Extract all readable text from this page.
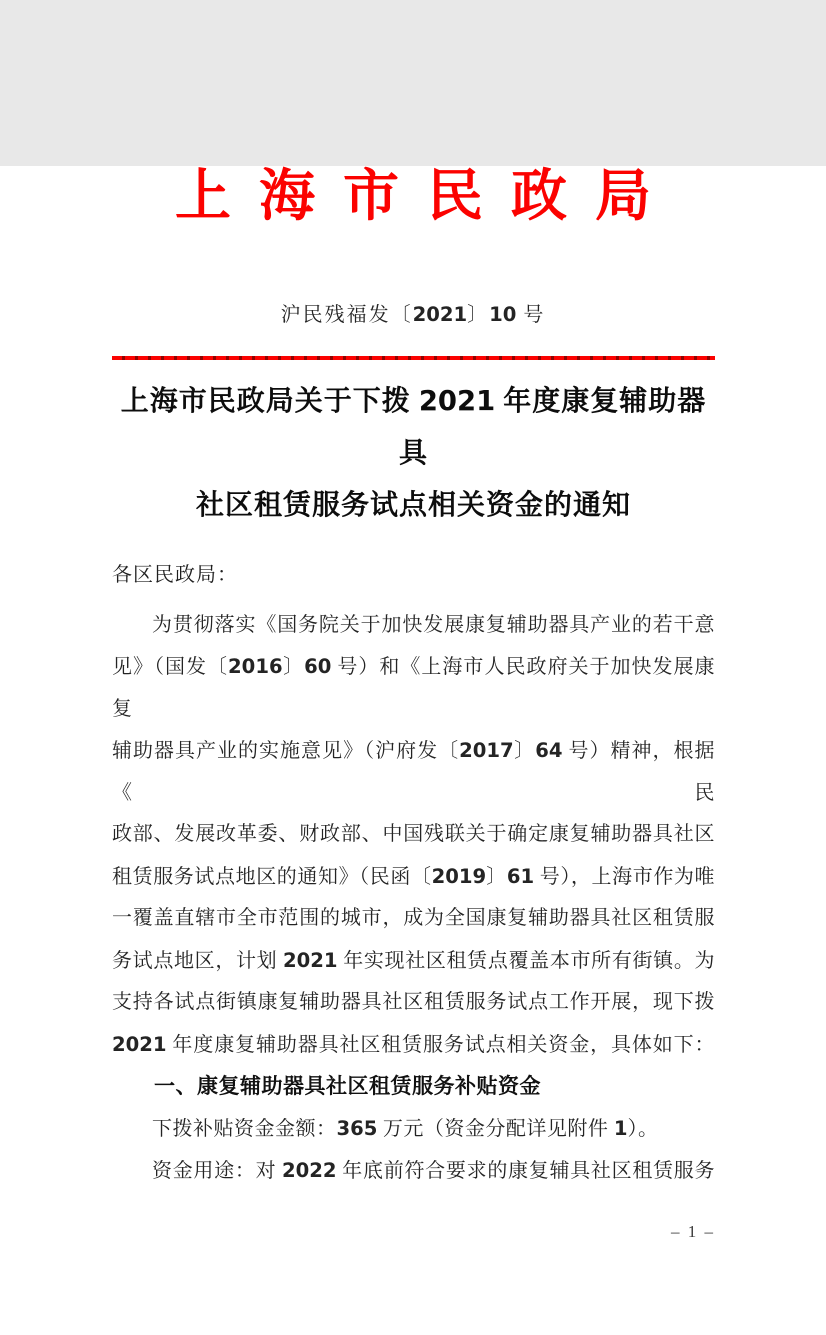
上海市民政局
沪民残福发〔2021〕10 号
上海市民政局关于下拨 2021 年度康复辅助器具
社区租赁服务试点相关资金的通知
各区民政局：
为贯彻落实《国务院关于加快发展康复辅助器具产业的若干意
见》（国发〔2016〕60 号）和《上海市人民政府关于加快发展康复
辅助器具产业的实施意见》（沪府发〔2017〕64 号）精神，根据《民
政部、发展改革委、财政部、中国残联关于确定康复辅助器具社区
租赁服务试点地区的通知》（民函〔2019〕61 号），上海市作为唯
一覆盖直辖市全市范围的城市，成为全国康复辅助器具社区租赁服
务试点地区，计划 2021 年实现社区租赁点覆盖本市所有街镇。为
支持各试点街镇康复辅助器具社区租赁服务试点工作开展，现下拨
2021 年度康复辅助器具社区租赁服务试点相关资金，具体如下：
一、康复辅助器具社区租赁服务补贴资金
下拨补贴资金金额：365 万元（资金分配详见附件 1）。
资金用途：对 2022 年底前符合要求的康复辅具社区租赁服务
– 1 –
